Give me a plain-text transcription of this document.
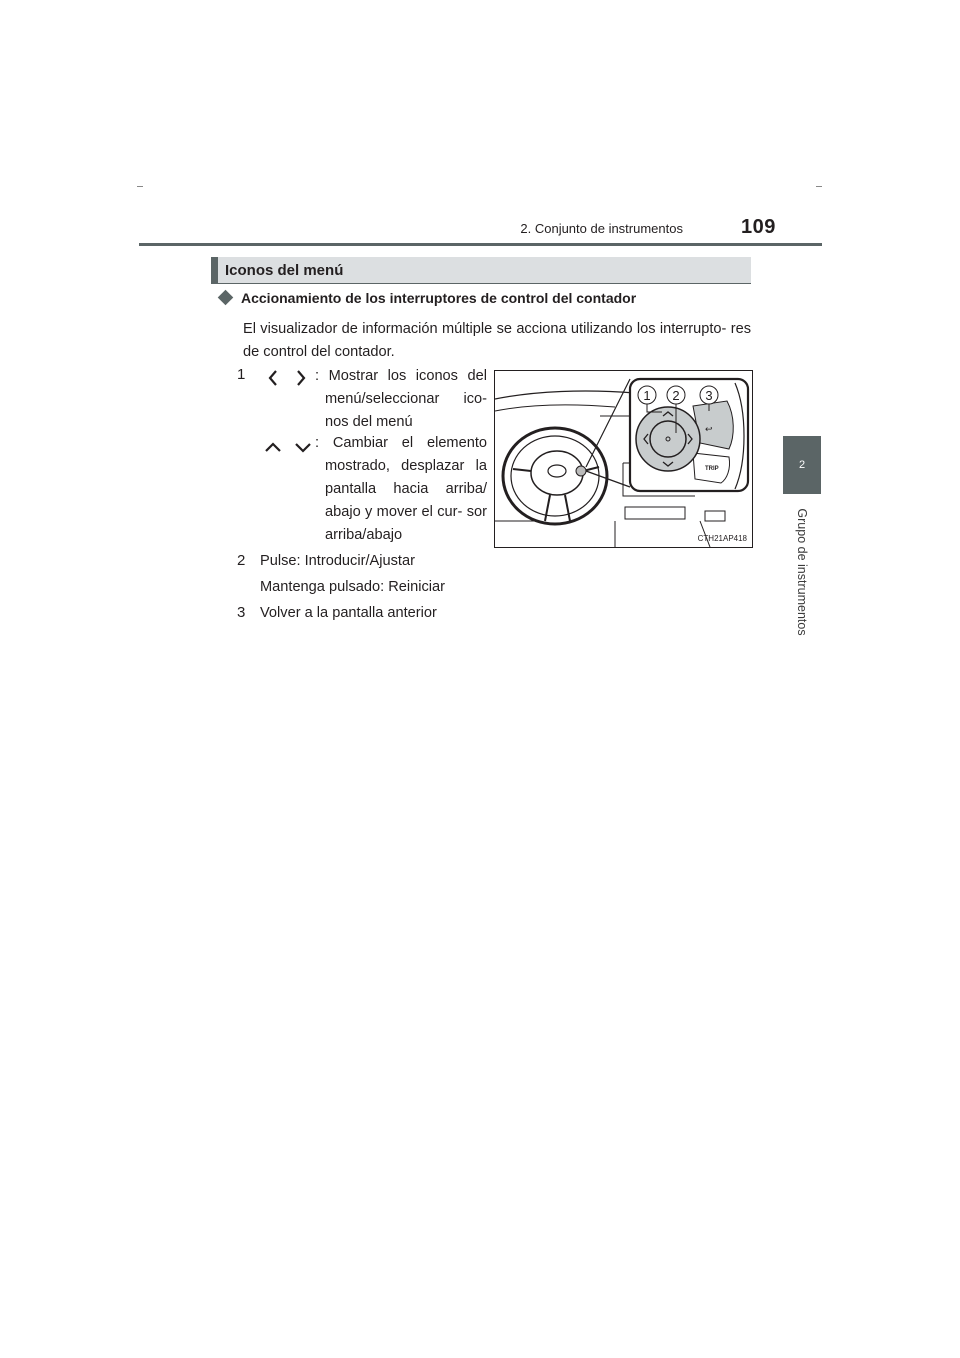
2. Conjunto de instrumentos	109
2
Grupo de instrumentos
Iconos del menú
Accionamiento de los interruptores de control del contador
El visualizador de información múltiple se acciona utilizando los interrupto- res de control del contador.
1	: Mostrar los iconos del menú/seleccionar ico- nos del menú
: Cambiar el elemento mostrado, desplazar la pantalla hacia arriba/ abajo y mover el cur- sor arriba/abajo
2 Pulse: Introducir/Ajustar
Mantenga pulsado: Reiniciar
3 Volver a la pantalla anterior
↩
TRIP
1 2 3
CTH21AP418
